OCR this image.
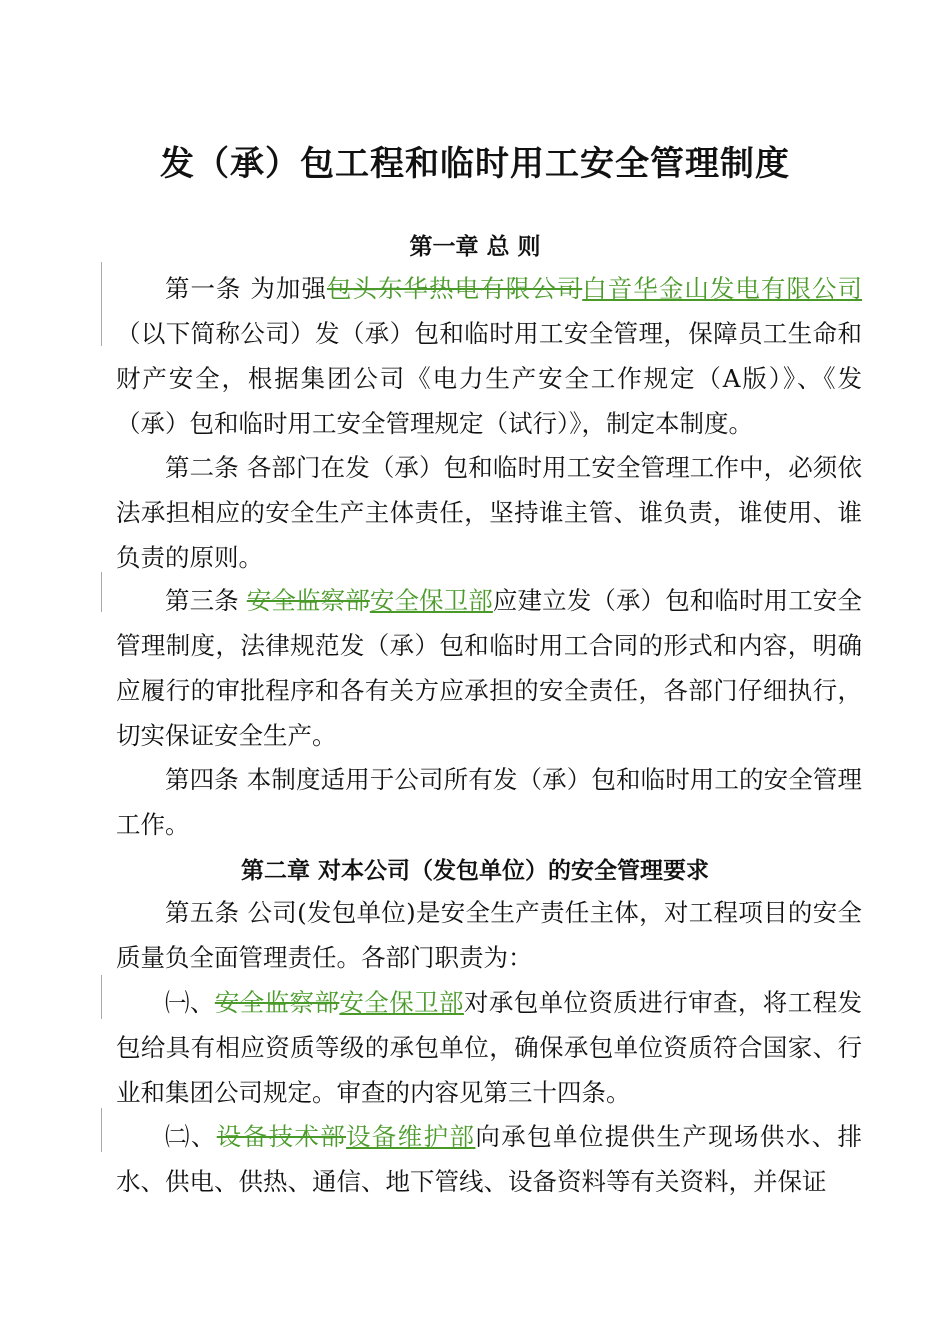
发（承）包工程和临时用工安全管理制度
第一章 总 则

第一条 为加强包头东华热电有限公司白音华金山发电有限公司（以下简称公司）发（承）包和临时用工安全管理，保障员工生命和财产安全，根据集团公司《电力生产安全工作规定（A版）》、《发（承）包和临时用工安全管理规定（试行）》，制定本制度。

第二条 各部门在发（承）包和临时用工安全管理工作中，必须依法承担相应的安全生产主体责任，坚持谁主管、谁负责，谁使用、谁负责的原则。

第三条 安全监察部安全保卫部应建立发（承）包和临时用工安全管理制度，法律规范发（承）包和临时用工合同的形式和内容，明确应履行的审批程序和各有关方应承担的安全责任，各部门仔细执行，切实保证安全生产。

第四条 本制度适用于公司所有发（承）包和临时用工的安全管理工作。

第二章 对本公司（发包单位）的安全管理要求

第五条 公司(发包单位)是安全生产责任主体，对工程项目的安全质量负全面管理责任。各部门职责为：

㈠、安全监察部安全保卫部对承包单位资质进行审查，将工程发包给具有相应资质等级的承包单位，确保承包单位资质符合国家、行业和集团公司规定。审查的内容见第三十四条。

㈡、设备技术部设备维护部向承包单位提供生产现场供水、排水、供电、供热、通信、地下管线、设备资料等有关资料，并保证
